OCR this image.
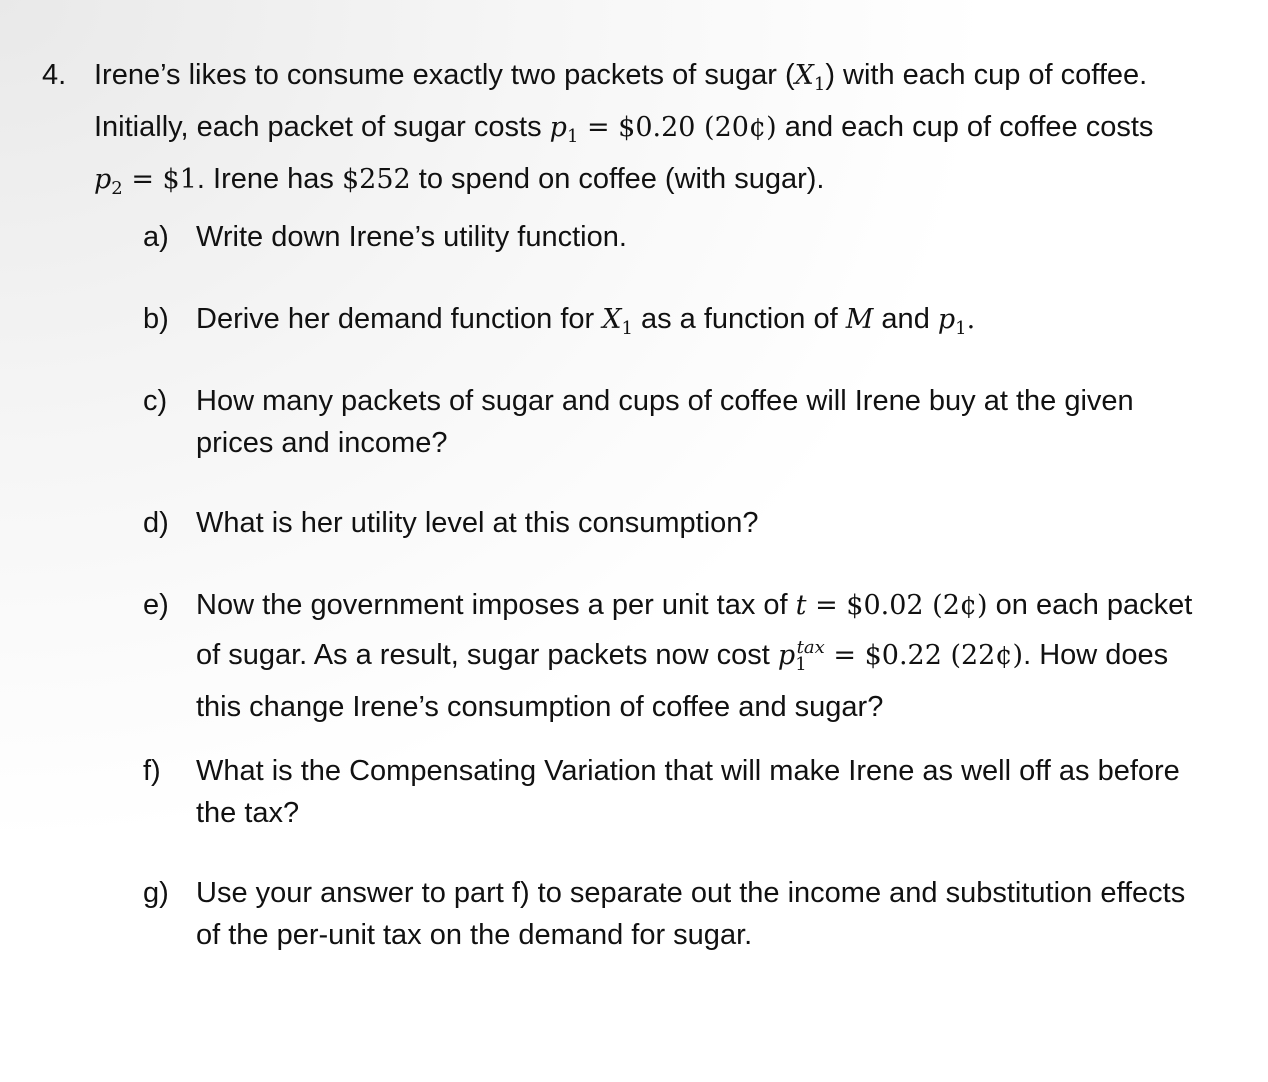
4. Irene’s likes to consume exactly two packets of sugar $(X_1)$ with each cup of coffee.
Initially, each packet of sugar costs $p_1$ = $0.20 (20¢) and each cup of coffee costs
$p_2$ = $1. Irene has $252 to spend on coffee (with sugar).
a) Write down Irene’s utility function.
b) Derive her demand function for $X_1$ as a function of M and $p_1$.
c) How many packets of sugar and cups of coffee will Irene buy at the given
prices and income?
d) What is her utility level at this consumption?
e) Now the government imposes a per unit tax of t = $0.02 (2¢) on each packet
of sugar. As a result, sugar packets now cost $p_1^{tax}$ = $0.22 (22¢). How does
this change Irene’s consumption of coffee and sugar?
f)	What is the Compensating Variation that will make Irene as well off as before
the tax?
g) Use your answer to part f) to separate out the income and substitution effects
of the per-unit tax on the demand for sugar.
